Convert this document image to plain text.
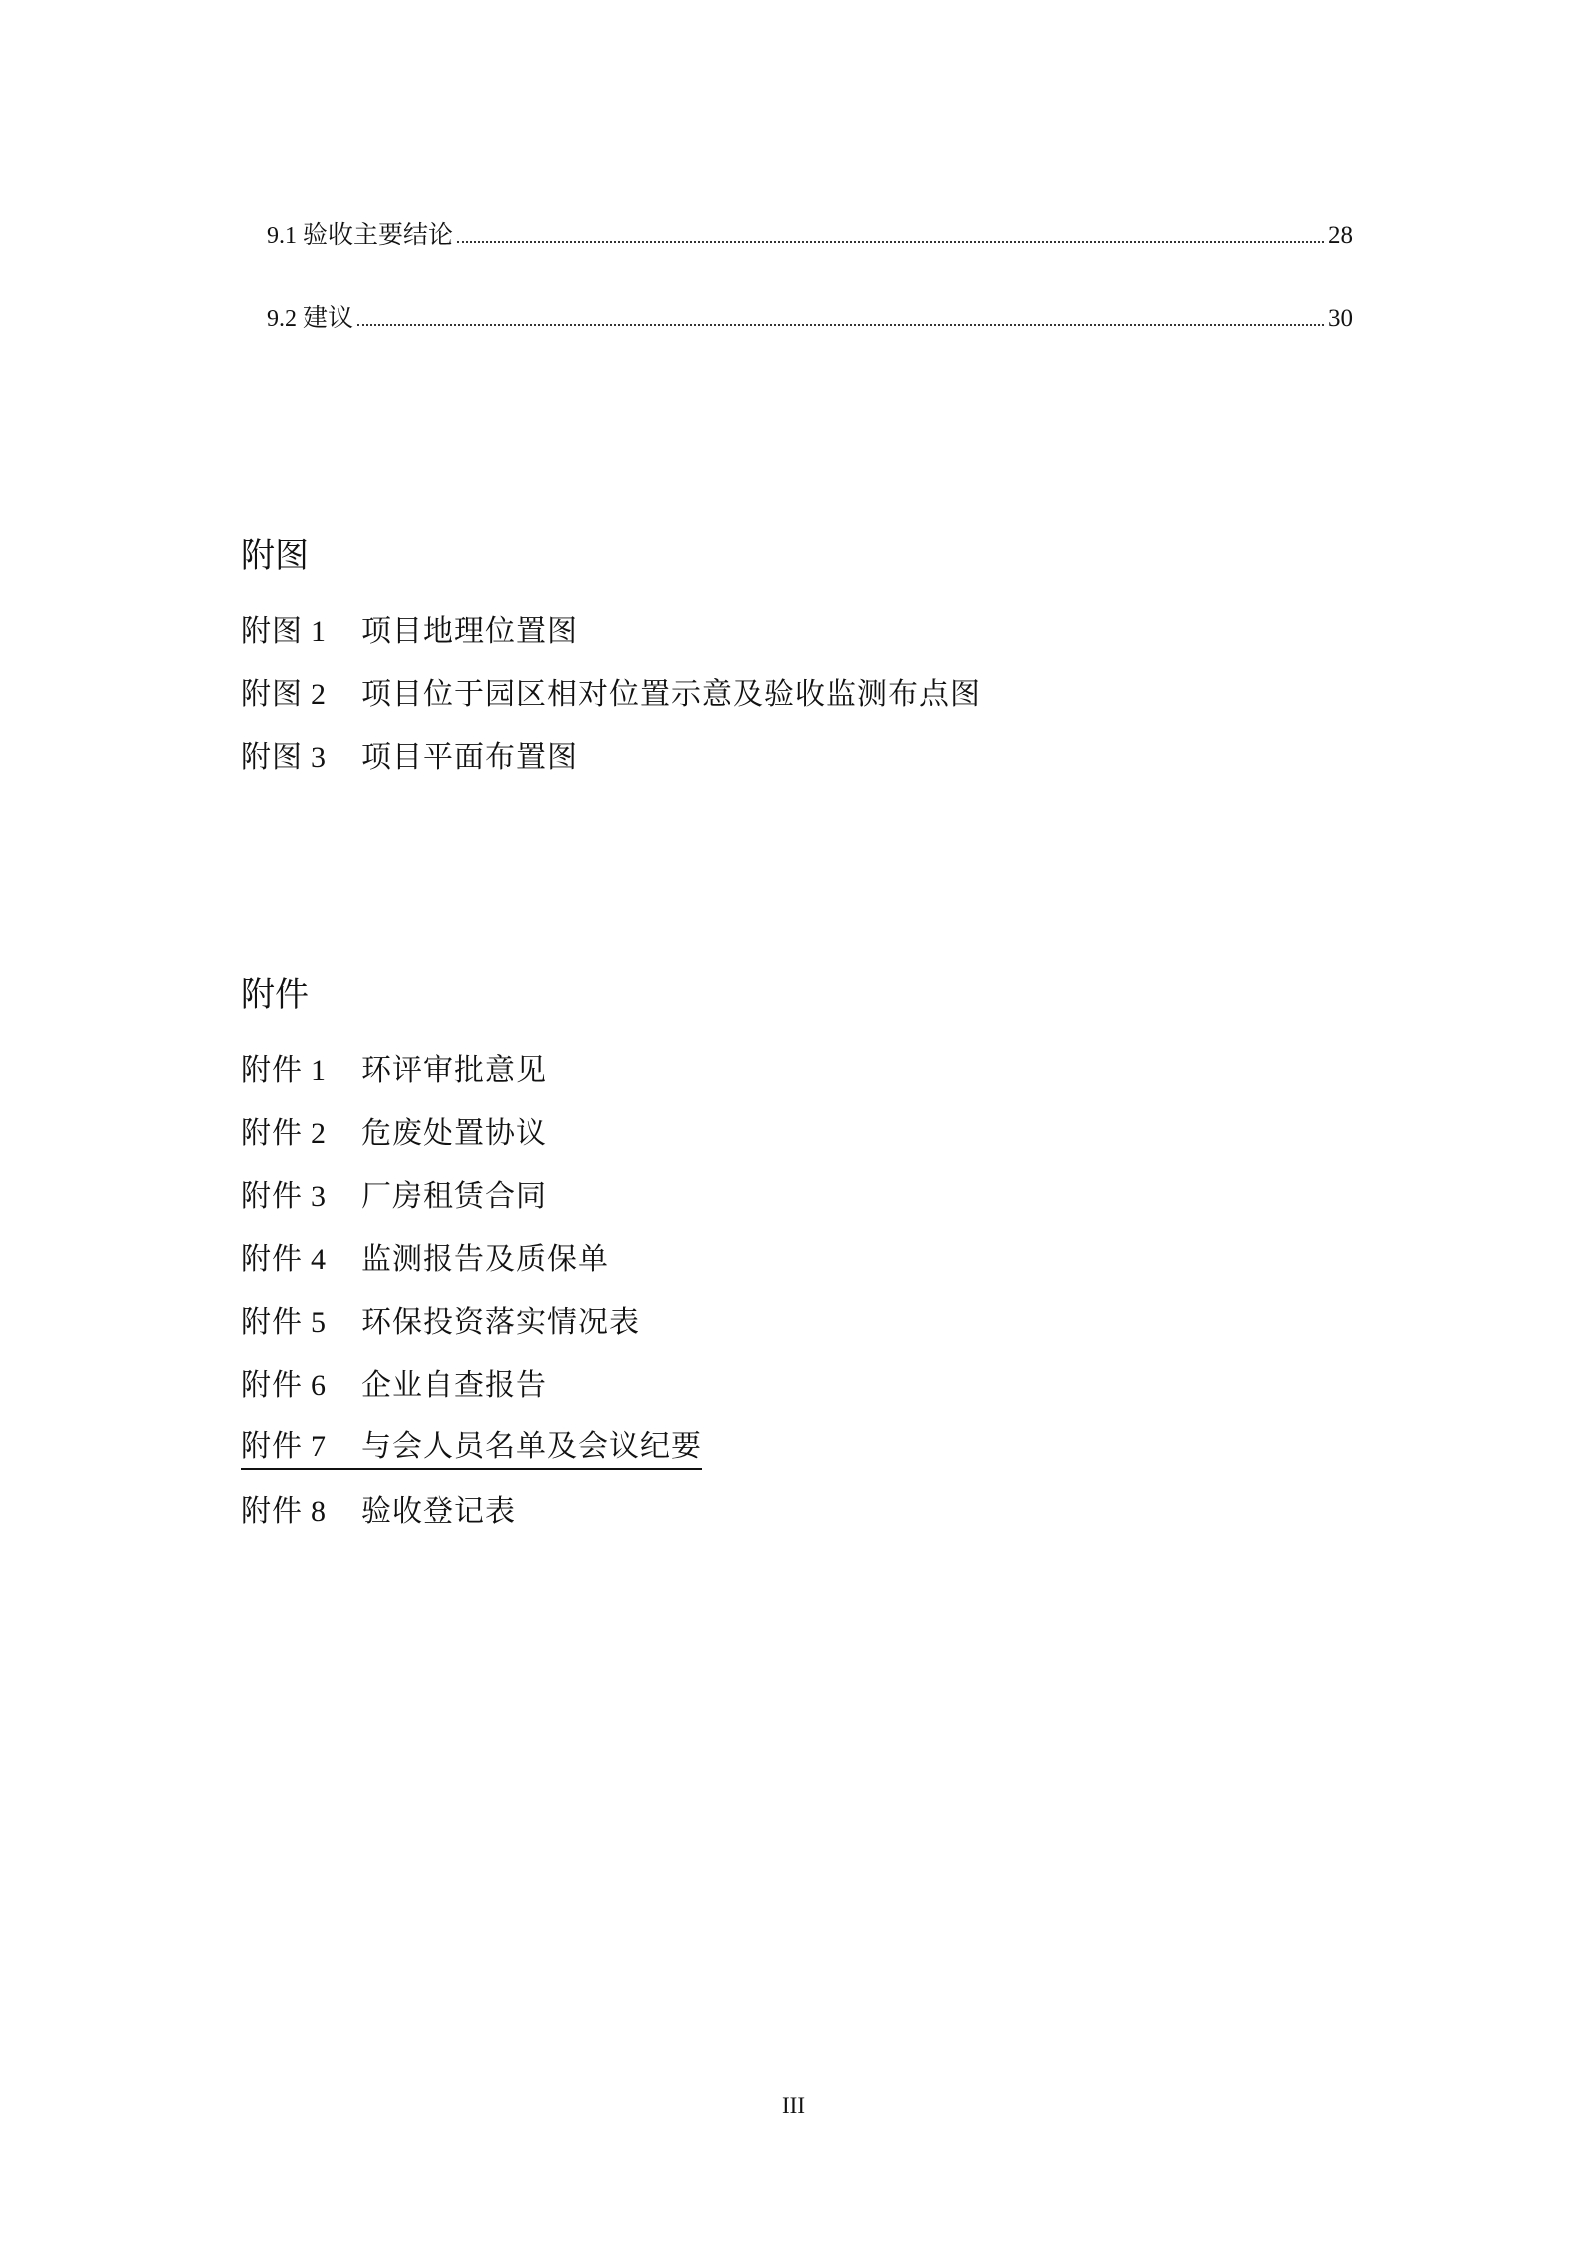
9.1 验收主要结论	28
9.2 建议	30
附图
附图 1 项目地理位置图
附图 2 项目位于园区相对位置示意及验收监测布点图
附图 3 项目平面布置图
附件
附件 1 环评审批意见
附件 2 危废处置协议
附件 3 厂房租赁合同
附件 4 监测报告及质保单
附件 5 环保投资落实情况表
附件 6 企业自查报告
附件 7 与会人员名单及会议纪要
附件 8 验收登记表
III
